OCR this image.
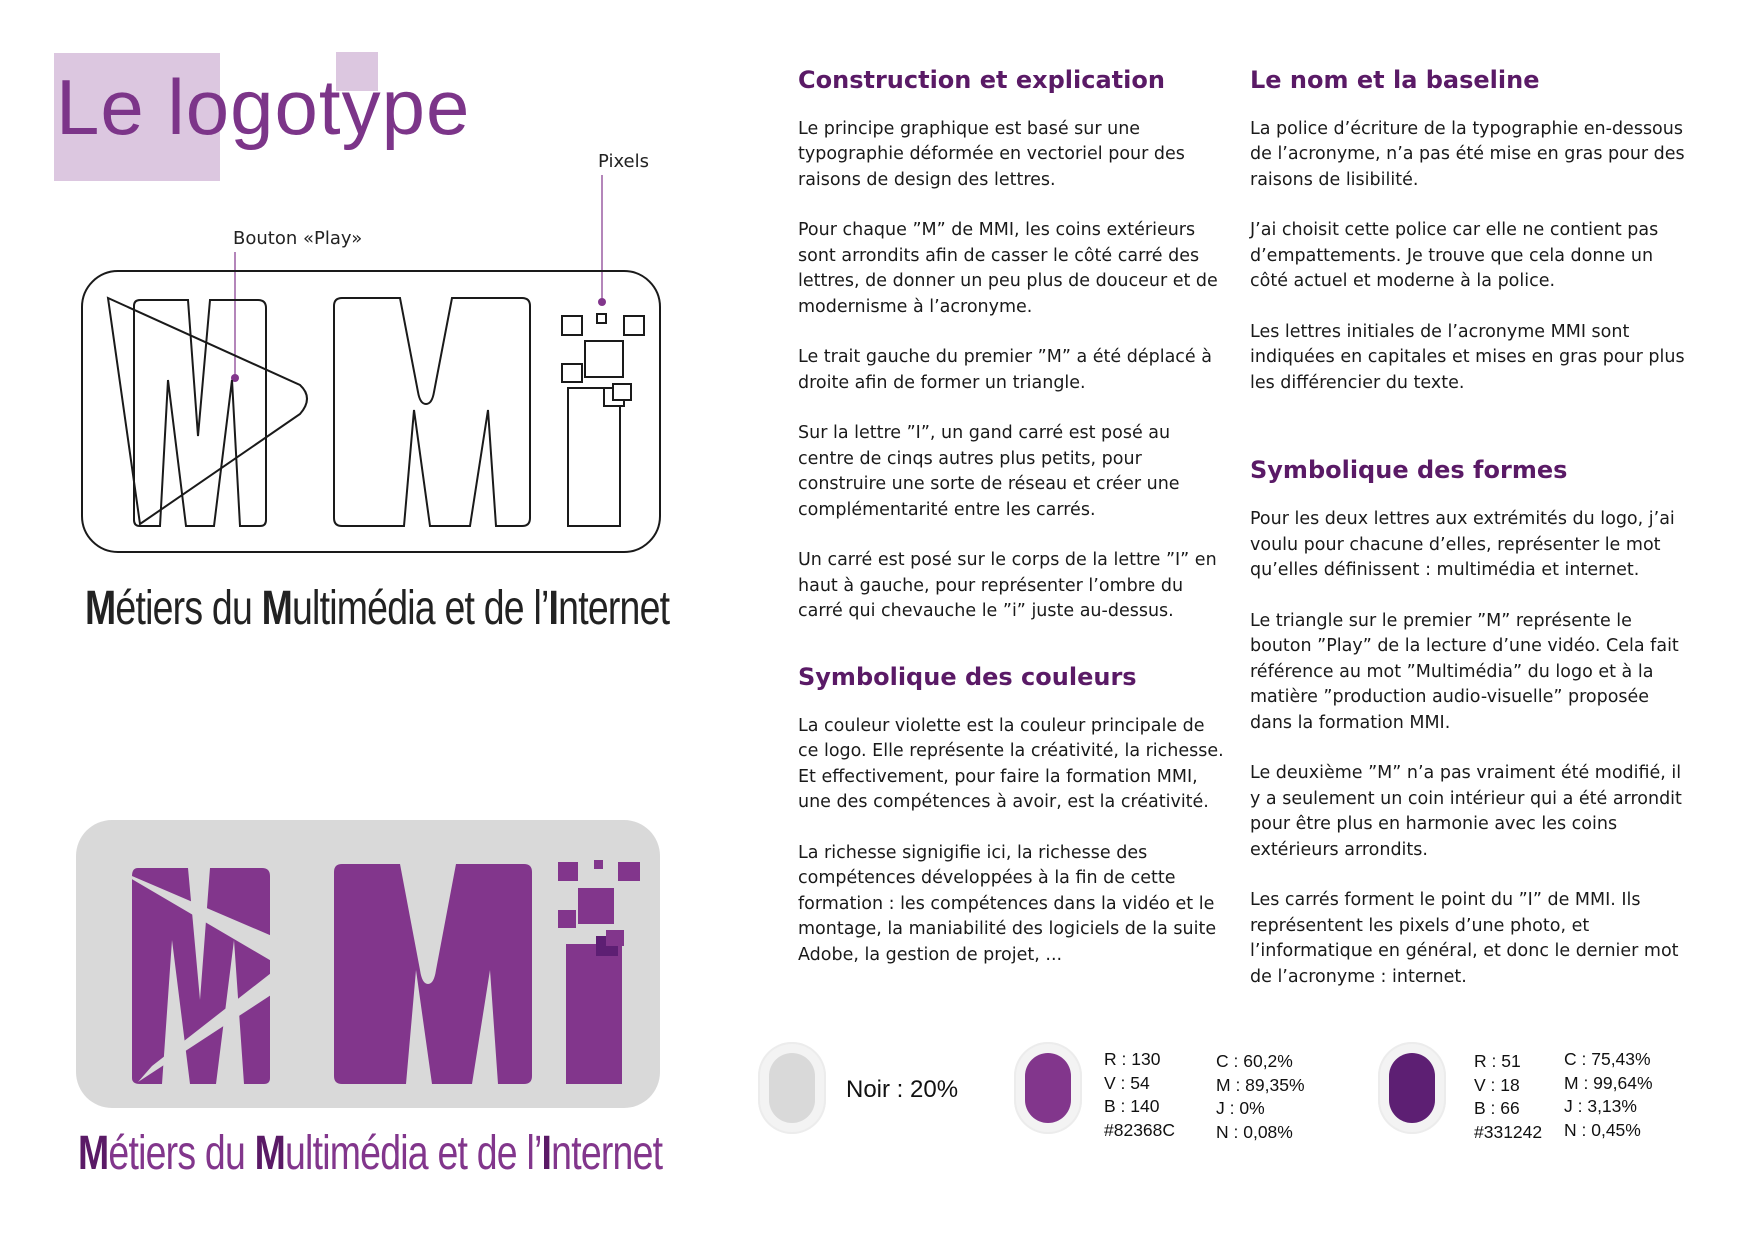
Le logotype
Pixels
Bouton «Play»
Métiers du Multimédia et de l’Internet
Métiers du Multimédia et de l’Internet
Construction et explication

Le principe graphique est basé sur une typographie déformée en vectoriel pour des raisons de design des lettres.

Pour chaque ”M” de MMI, les coins extérieurs sont arrondits afin de casser le côté carré des lettres, de donner un peu plus de douceur et de modernisme à l’acronyme.

Le trait gauche du premier ”M” a été déplacé à droite afin de former un triangle.

Sur la lettre ”I”, un gand carré est posé au centre de cinqs autres plus petits, pour construire une sorte de réseau et créer une complémentarité entre les carrés.

Un carré est posé sur le corps de la lettre ”I” en haut à gauche, pour représenter l’ombre du carré qui chevauche le ”i” juste au-dessus.

Symbolique des couleurs

La couleur violette est la couleur principale de ce logo. Elle représente la créativité, la richesse. Et effectivement, pour faire la formation MMI, une des compétences à avoir, est la créativité.

La richesse signigifie ici, la richesse des compétences développées à la fin de cette formation : les compétences dans la vidéo et le montage, la maniabilité des logiciels de la suite Adobe, la gestion de projet, ...

Le nom et la baseline

La police d’écriture de la typographie en-dessous de l’acronyme, n’a pas été mise en gras pour des raisons de lisibilité.

J’ai choisit cette police car elle ne contient pas d’empattements. Je trouve que cela donne un côté actuel et moderne à la police.

Les lettres initiales de l’acronyme MMI sont indiquées en capitales et mises en gras pour plus les différencier du texte.

Symbolique des formes

Pour les deux lettres aux extrémités du logo, j’ai voulu pour chacune d’elles, représenter le mot qu’elles définissent : multimédia et internet.

Le triangle sur le premier ”M” représente le bouton ”Play” de la lecture d’une vidéo. Cela fait référence au mot ”Multimédia” du logo et à la matière ”production audio-visuelle” proposée dans la formation MMI.

Le deuxième ”M” n’a pas vraiment été modifié, il y a seulement un coin intérieur qui a été arrondit pour être plus en harmonie avec les coins extérieurs arrondits.

Les carrés forment le point du ”I” de MMI. Ils représentent les pixels d’une photo, et l’informatique en général, et donc le dernier mot de l’acronyme : internet.

Noir : 20%
R : 130
V : 54
B : 140
#82368C
C : 60,2%
M : 89,35%
J : 0%
N : 0,08%
R : 51
V : 18
B : 66
#331242
C : 75,43%
M : 99,64%
J : 3,13%
N : 0,45%
